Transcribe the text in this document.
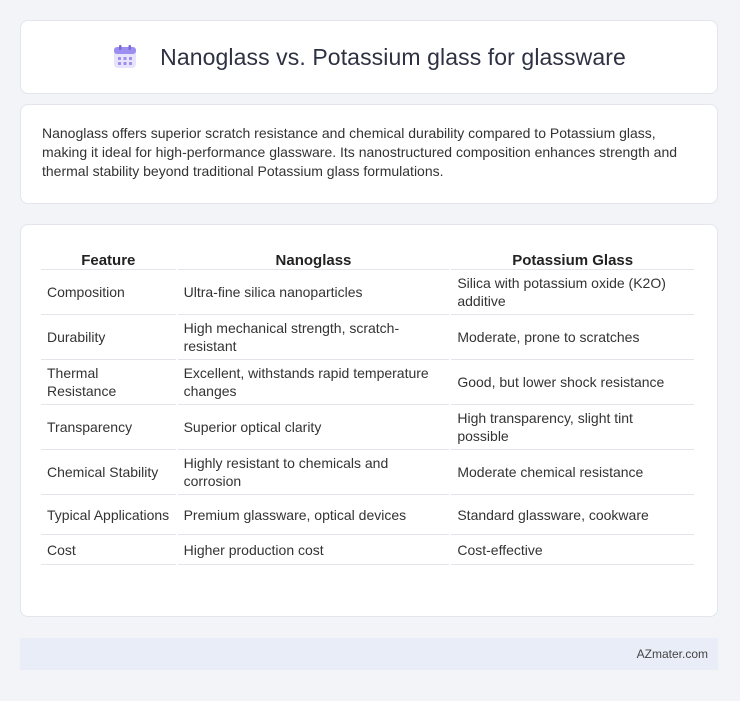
Nanoglass vs. Potassium glass for glassware

Nanoglass offers superior scratch resistance and chemical durability compared to Potassium glass, making it ideal for high-performance glassware. Its nanostructured composition enhances strength and thermal stability beyond traditional Potassium glass formulations.

Feature	Nanoglass	Potassium Glass
Composition	Ultra-fine silica nanoparticles	Silica with potassium oxide (K2O) additive
Durability	High mechanical strength, scratch-resistant	Moderate, prone to scratches
Thermal Resistance	Excellent, withstands rapid temperature changes	Good, but lower shock resistance
Transparency	Superior optical clarity	High transparency, slight tint possible
Chemical Stability	Highly resistant to chemicals and corrosion	Moderate chemical resistance
Typical Applications	Premium glassware, optical devices	Standard glassware, cookware
Cost	Higher production cost	Cost-effective
AZmater.com
